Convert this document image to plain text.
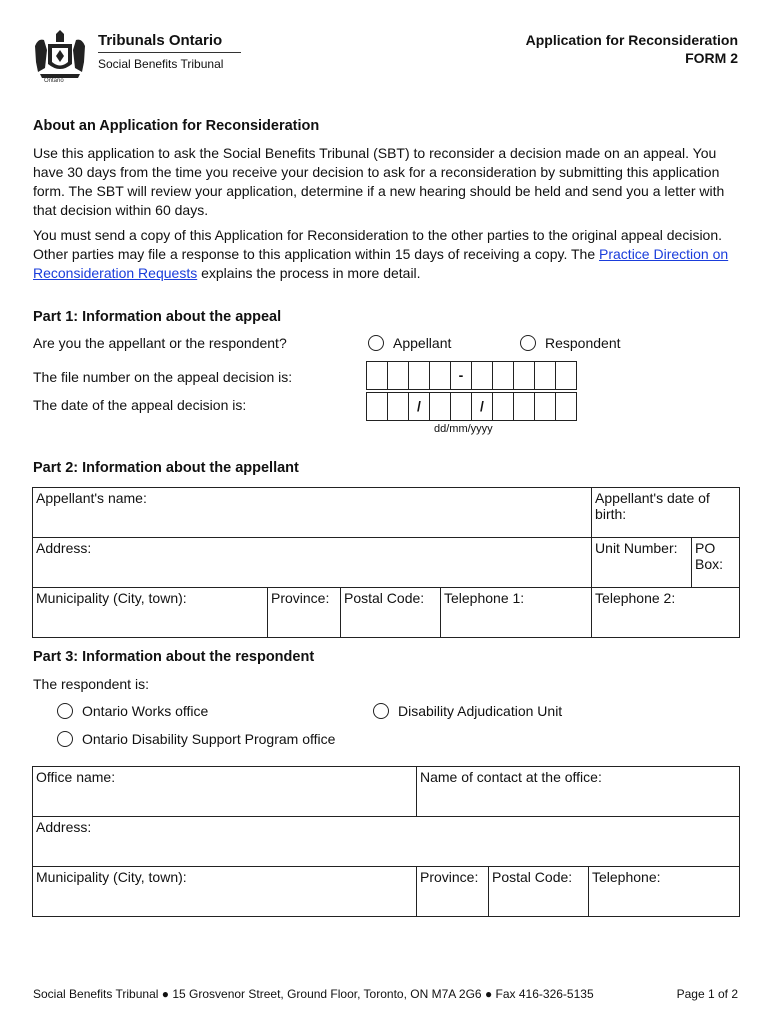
Ontario
Tribunals Ontario
Social Benefits Tribunal
Application for Reconsideration
FORM 2
About an Application for Reconsideration
Use this application to ask the Social Benefits Tribunal (SBT) to reconsider a decision made on an appeal. You have 30 days from the time you receive your decision to ask for a reconsideration by submitting this application form. The SBT will review your application, determine if a new hearing should be held and send you a letter with that decision within 60 days.
You must send a copy of this Application for Reconsideration to the other parties to the original appeal decision. Other parties may file a response to this application within 15 days of receiving a copy. The Practice Direction on Reconsideration Requests explains the process in more detail.
Part 1: Information about the appeal
Are you the appellant or the respondent?	Appellant	Respondent
The file number on the appeal decision is:	-
The date of the appeal decision is:	/	/
dd/mm/yyyy
Part 2: Information about the appellant
Appellant's name:				Appellant's date of birth:	
Address:				Unit Number:	PO Box:
Municipality (City, town):	Province:	Postal Code:	Telephone 1:	Telephone 2:	
Part 3: Information about the respondent
The respondent is:
Ontario Works office	Disability Adjudication Unit
Ontario Disability Support Program office
Office name:	Name of contact at the office:		
Address:			
Municipality (City, town):	Province:	Postal Code:	Telephone:
Social Benefits Tribunal ● 15 Grosvenor Street, Ground Floor, Toronto, ON M7A 2G6 ● Fax 416-326-5135	Page 1 of 2
